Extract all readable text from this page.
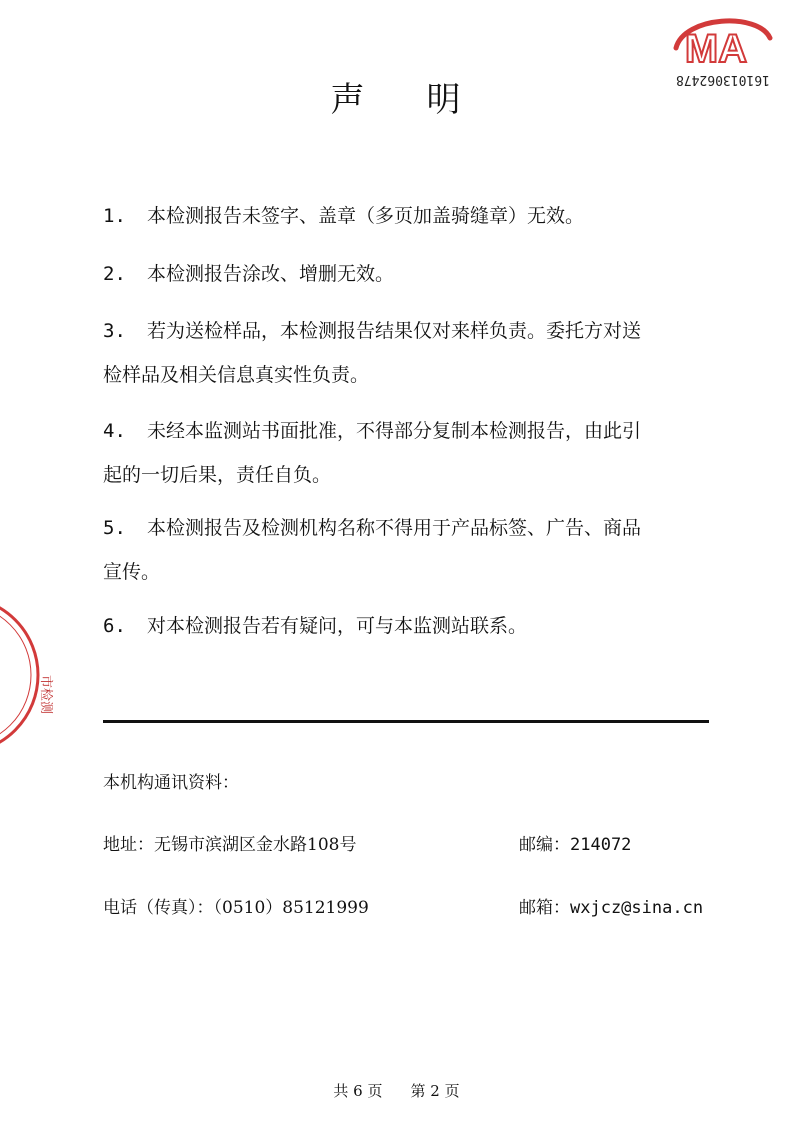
MA
161013062478
市检测
声 明
1. 本检测报告未签字、盖章（多页加盖骑缝章）无效。
2. 本检测报告涂改、增删无效。
3. 若为送检样品，本检测报告结果仅对来样负责。委托方对送
检样品及相关信息真实性负责。
4. 未经本监测站书面批准，不得部分复制本检测报告，由此引
起的一切后果，责任自负。
5. 本检测报告及检测机构名称不得用于产品标签、广告、商品
宣传。
6. 对本检测报告若有疑问，可与本监测站联系。
本机构通讯资料：
地址：无锡市滨湖区金水路108号	邮编：214072
电话（传真）：（0510）85121999	邮箱：wxjcz@sina.cn
共 6 页 第 2 页
